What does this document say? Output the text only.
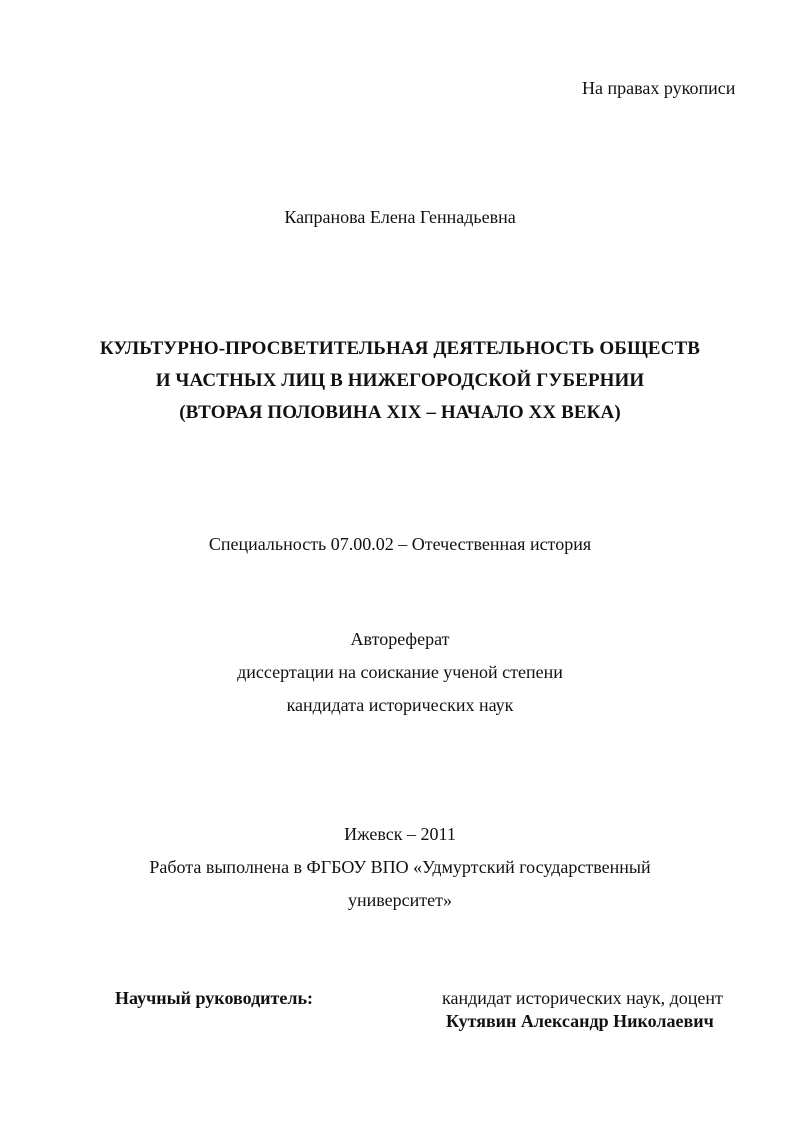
На правах рукописи
Капранова Елена Геннадьевна
КУЛЬТУРНО-ПРОСВЕТИТЕЛЬНАЯ ДЕЯТЕЛЬНОСТЬ ОБЩЕСТВ
И ЧАСТНЫХ ЛИЦ В НИЖЕГОРОДСКОЙ ГУБЕРНИИ
(ВТОРАЯ ПОЛОВИНА XIX – НАЧАЛО XX ВЕКА)
Специальность 07.00.02 – Отечественная история
Автореферат
диссертации на соискание ученой степени
кандидата исторических наук
Ижевск – 2011
Работа выполнена в ФГБОУ ВПО «Удмуртский государственный
университет»
Научный руководитель:	кандидат исторических наук, доцент
Кутявин Александр Николаевич
